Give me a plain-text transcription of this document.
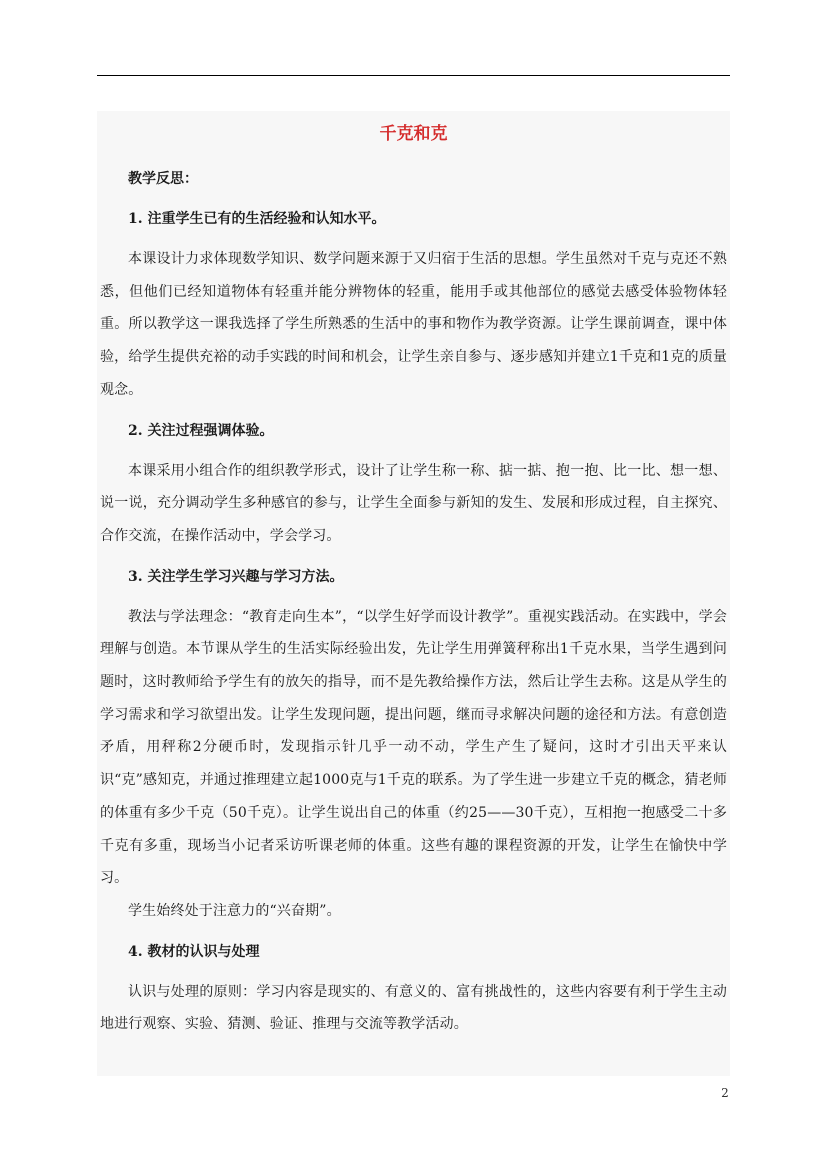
千克和克

教学反思：

1. 注重学生已有的生活经验和认知水平。

本课设计力求体现数学知识、数学问题来源于又归宿于生活的思想。学生虽然对千克与克还不熟悉，但他们已经知道物体有轻重并能分辨物体的轻重，能用手或其他部位的感觉去感受体验物体轻重。所以教学这一课我选择了学生所熟悉的生活中的事和物作为教学资源。让学生课前调查，课中体验，给学生提供充裕的动手实践的时间和机会，让学生亲自参与、逐步感知并建立1千克和1克的质量观念。

2. 关注过程强调体验。

本课采用小组合作的组织教学形式，设计了让学生称一称、掂一掂、抱一抱、比一比、想一想、说一说，充分调动学生多种感官的参与，让学生全面参与新知的发生、发展和形成过程，自主探究、合作交流，在操作活动中，学会学习。

3. 关注学生学习兴趣与学习方法。

教法与学法理念：“教育走向生本”，“以学生好学而设计教学”。重视实践活动。在实践中，学会理解与创造。本节课从学生的生活实际经验出发，先让学生用弹簧秤称出1千克水果，当学生遇到问题时，这时教师给予学生有的放矢的指导，而不是先教给操作方法，然后让学生去称。这是从学生的学习需求和学习欲望出发。让学生发现问题，提出问题，继而寻求解决问题的途径和方法。有意创造矛盾，用秤称2分硬币时，发现指示针几乎一动不动，学生产生了疑问，这时才引出天平来认识“克”感知克，并通过推理建立起1000克与1千克的联系。为了学生进一步建立千克的概念，猜老师的体重有多少千克（50千克）。让学生说出自己的体重（约25——30千克），互相抱一抱感受二十多千克有多重，现场当小记者采访听课老师的体重。这些有趣的课程资源的开发，让学生在愉快中学习。

学生始终处于注意力的“兴奋期”。

4. 教材的认识与处理

认识与处理的原则：学习内容是现实的、有意义的、富有挑战性的，这些内容要有利于学生主动地进行观察、实验、猜测、验证、推理与交流等教学活动。

2
